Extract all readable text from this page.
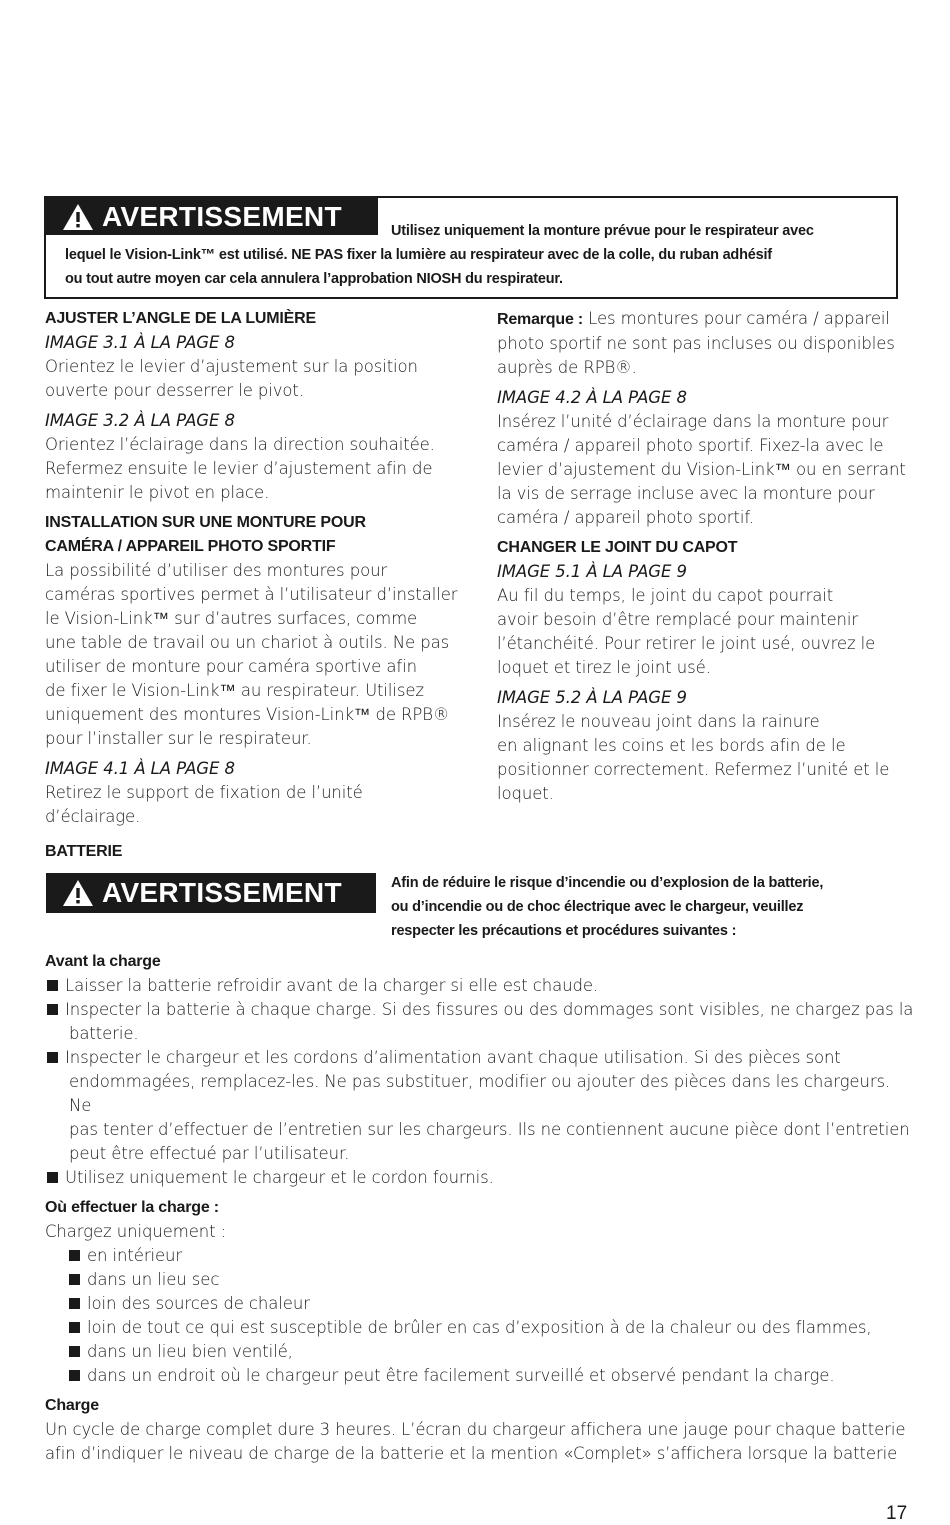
AVERTISSEMENT	Utilisez uniquement la monture prévue pour le respirateur avec
lequel le Vision-Link™ est utilisé. NE PAS fixer la lumière au respirateur avec de la colle, du ruban adhésif
ou tout autre moyen car cela annulera l’approbation NIOSH du respirateur.
AJUSTER L’ANGLE DE LA LUMIÈRE
IMAGE 3.1 À LA PAGE 8
Orientez le levier d’ajustement sur la position
ouverte pour desserrer le pivot.
IMAGE 3.2 À LA PAGE 8
Orientez l’éclairage dans la direction souhaitée.
Refermez ensuite le levier d’ajustement afin de
maintenir le pivot en place.
INSTALLATION SUR UNE MONTURE POUR
CAMÉRA / APPAREIL PHOTO SPORTIF
La possibilité d’utiliser des montures pour
caméras sportives permet à l’utilisateur d’installer
le Vision-Link™ sur d’autres surfaces, comme
une table de travail ou un chariot à outils. Ne pas
utiliser de monture pour caméra sportive afin
de fixer le Vision-Link™ au respirateur. Utilisez
uniquement des montures Vision-Link™ de RPB®
pour l’installer sur le respirateur.
IMAGE 4.1 À LA PAGE 8
Retirez le support de fixation de l’unité
d’éclairage.
Remarque : Les montures pour caméra / appareil
photo sportif ne sont pas incluses ou disponibles
auprès de RPB®.
IMAGE 4.2 À LA PAGE 8
Insérez l’unité d’éclairage dans la monture pour
caméra / appareil photo sportif. Fixez-la avec le
levier d’ajustement du Vision-Link™ ou en serrant
la vis de serrage incluse avec la monture pour
caméra / appareil photo sportif.
CHANGER LE JOINT DU CAPOT
IMAGE 5.1 À LA PAGE 9
Au fil du temps, le joint du capot pourrait
avoir besoin d’être remplacé pour maintenir
l’étanchéité. Pour retirer le joint usé, ouvrez le
loquet et tirez le joint usé.
IMAGE 5.2 À LA PAGE 9
Insérez le nouveau joint dans la rainure
en alignant les coins et les bords afin de le
positionner correctement. Refermez l’unité et le
loquet.
BATTERIE
AVERTISSEMENT	Afin de réduire le risque d’incendie ou d’explosion de la batterie,
ou d’incendie ou de choc électrique avec le chargeur, veuillez
respecter les précautions et procédures suivantes :
Avant la charge
Laisser la batterie refroidir avant de la charger si elle est chaude.
Inspecter la batterie à chaque charge. Si des fissures ou des dommages sont visibles, ne chargez pas la
batterie.
Inspecter le chargeur et les cordons d’alimentation avant chaque utilisation. Si des pièces sont
endommagées, remplacez-les. Ne pas substituer, modifier ou ajouter des pièces dans les chargeurs. Ne
pas tenter d’effectuer de l’entretien sur les chargeurs. Ils ne contiennent aucune pièce dont l’entretien
peut être effectué par l’utilisateur.
Utilisez uniquement le chargeur et le cordon fournis.
Où effectuer la charge :
Chargez uniquement :
en intérieur
dans un lieu sec
loin des sources de chaleur
loin de tout ce qui est susceptible de brûler en cas d’exposition à de la chaleur ou des flammes,
dans un lieu bien ventilé,
dans un endroit où le chargeur peut être facilement surveillé et observé pendant la charge.
Charge
Un cycle de charge complet dure 3 heures. L’écran du chargeur affichera une jauge pour chaque batterie
afin d’indiquer le niveau de charge de la batterie et la mention «Complet» s’affichera lorsque la batterie
17
